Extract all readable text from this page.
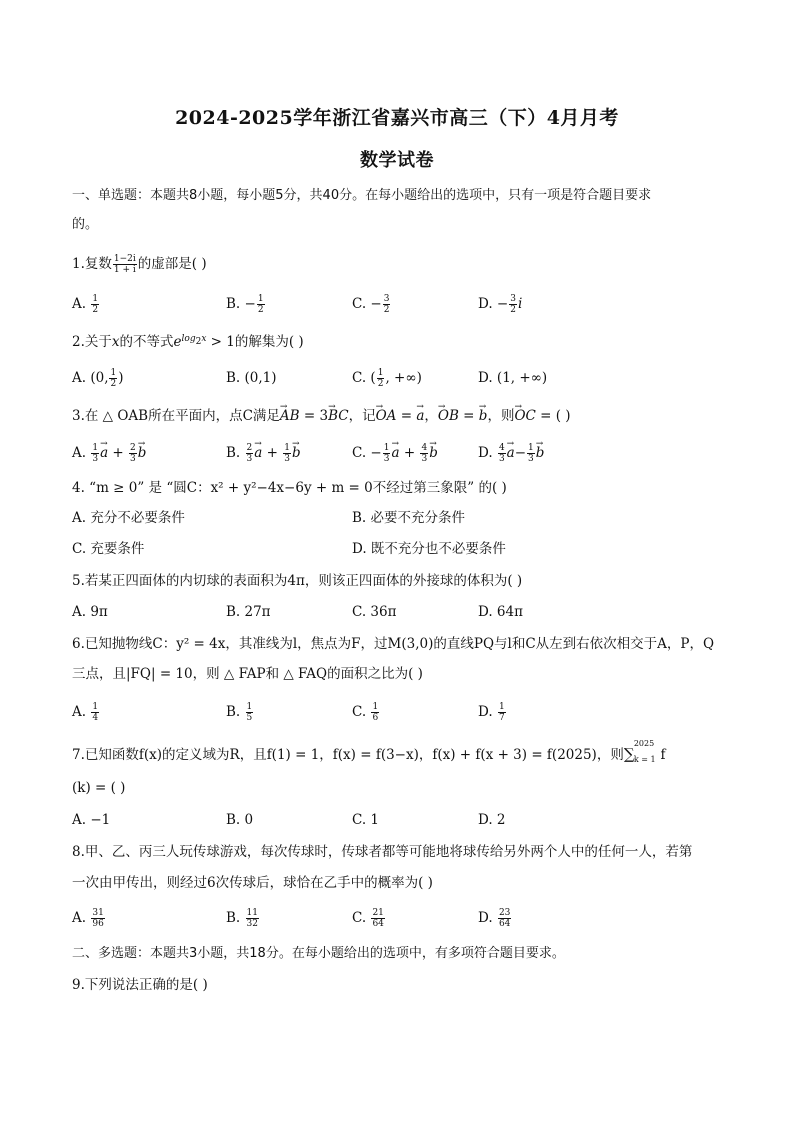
2024-2025学年浙江省嘉兴市高三（下）4月月考
数学试卷
一、单选题：本题共8小题，每小题5分，共40分。在每小题给出的选项中，只有一项是符合题目要求
的。
1.复数 $\frac{1-2i}{1 + i}$ 的虚部是( )
A. $\frac{1}{2}$	B. − $\frac{1}{2}$	C. − $\frac{3}{2}$	D. − $\frac{3}{2}$ i
2.关于x的不等式$e^{log_2x} > 1$的解集为( )
A. (0, $\frac{1}{2}$ )	B. (0,1)	C. ( $\frac{1}{2}$ , +∞)	D. (1, +∞)
3.在 △ OAB所在平面内，点C满足→ AB = 3→ BC，记→ OA = → a，→ OB = → b，则→ OC = ( )
A. $\frac{1}{3}$
→ $a + \frac{2}{3}$
→ b	B. $\frac{2}{3}$
→ $a + \frac{1}{3}$
→ b	C. − $\frac{1}{3}$
→ $a + \frac{4}{3}$
→ b	D. $\frac{4}{3}$
→ $a- \frac{1}{3}$
→ b
4. “m ≥ 0” 是 “圆C：x² + y²−4x−6y + m = 0不经过第三象限” 的( )
A. 充分不必要条件	B. 必要不充分条件
C. 充要条件	D. 既不充分也不必要条件
5.若某正四面体的内切球的表面积为4π，则该正四面体的外接球的体积为( )
A. 9π	B. 27π	C. 36π	D. 64π
6.已知抛物线C：y² = 4x，其准线为l，焦点为F，过M(3,0)的直线PQ与l和C从左到右依次相交于A，P，Q
三点，且|FQ| = 10，则 △ FAP和 △ FAQ的面积之比为( )
A. $\frac{1}{4}$	B. $\frac{1}{5}$	C. $\frac{1}{6}$	D. $\frac{1}{7}$
7.已知函数f(x)的定义域为R，且f(1) = 1，f(x) = f(3−x)，f(x) + f(x + 3) = f(2025)，则∑
2025
k = 1 f
(k) = ( )
A. −1	B. 0	C. 1	D. 2
8.甲、乙、丙三人玩传球游戏，每次传球时，传球者都等可能地将球传给另外两个人中的任何一人，若第
一次由甲传出，则经过6次传球后，球恰在乙手中的概率为( )
A. $\frac{31}{96}$	B. $\frac{11}{32}$	C. $\frac{21}{64}$	D. $\frac{23}{64}$
二、多选题：本题共3小题，共18分。在每小题给出的选项中，有多项符合题目要求。
9.下列说法正确的是( )
